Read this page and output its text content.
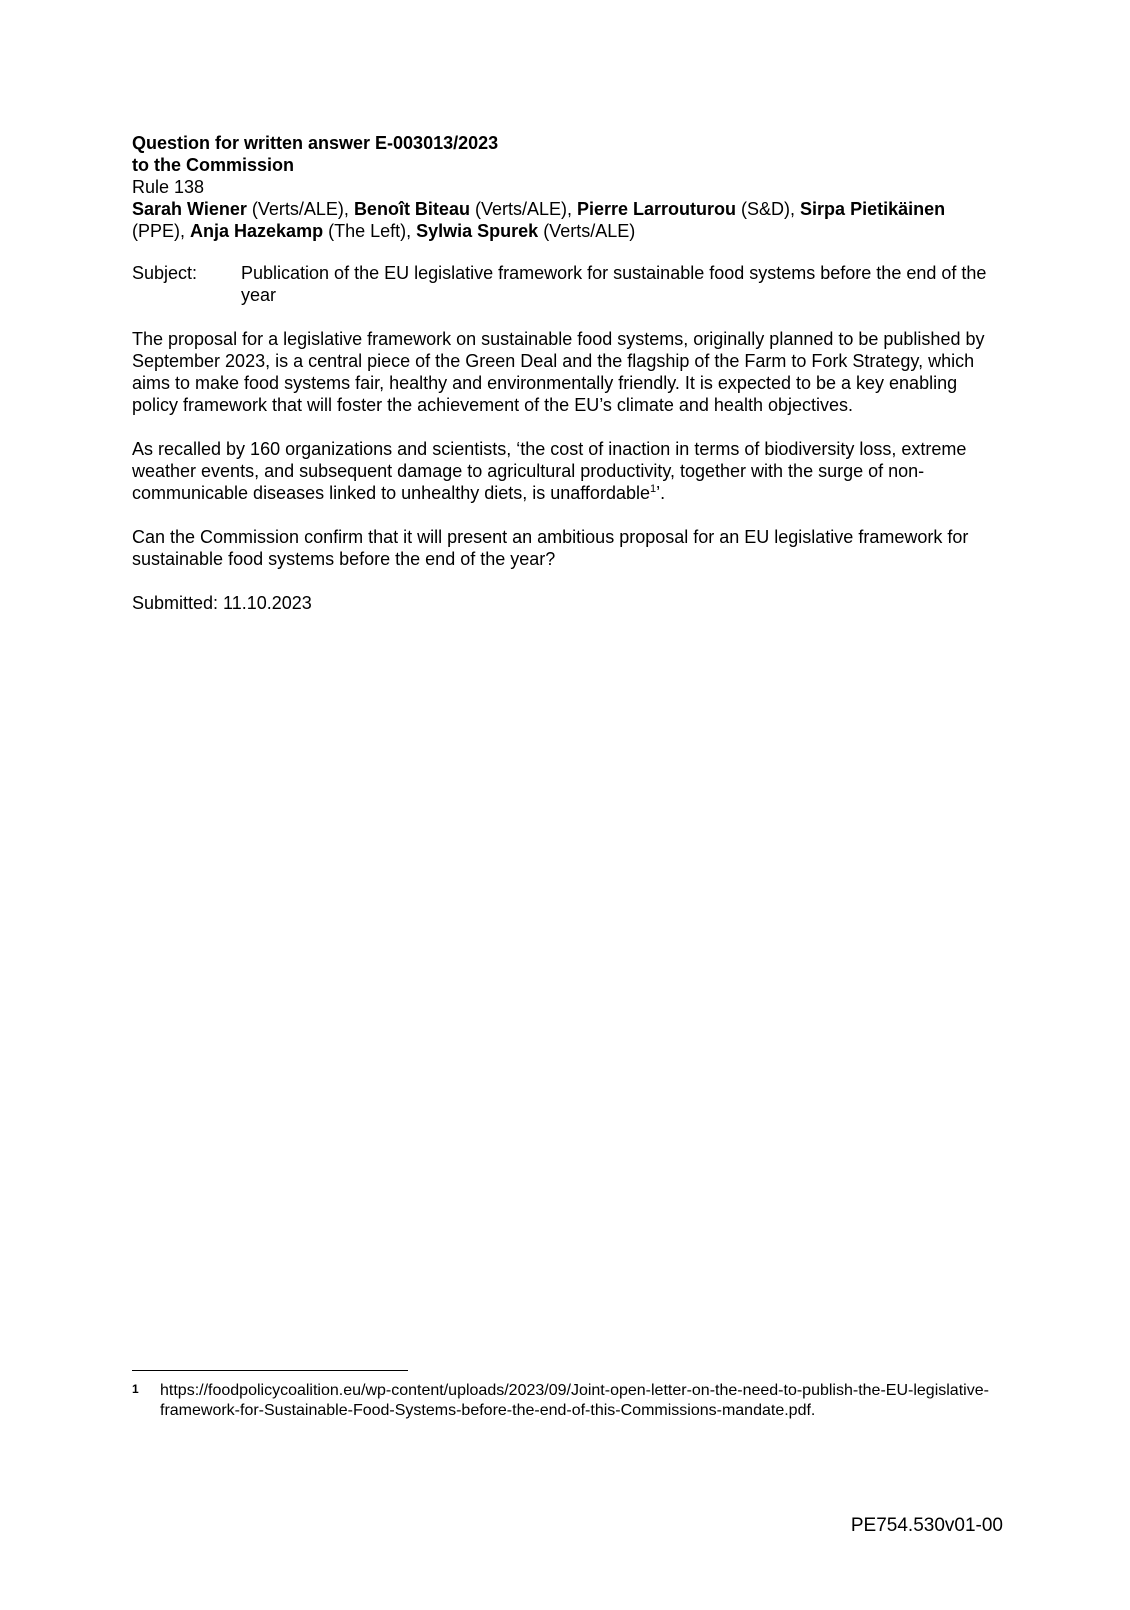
Question for written answer E-003013/2023
to the Commission
Rule 138

Sarah Wiener (Verts/ALE), Benoît Biteau (Verts/ALE), Pierre Larrouturou (S&D), Sirpa Pietikäinen (PPE), Anja Hazekamp (The Left), Sylwia Spurek (Verts/ALE)

Subject:	Publication of the EU legislative framework for sustainable food systems before the end of the year

The proposal for a legislative framework on sustainable food systems, originally planned to be published by September 2023, is a central piece of the Green Deal and the flagship of the Farm to Fork Strategy, which aims to make food systems fair, healthy and environmentally friendly. It is expected to be a key enabling policy framework that will foster the achievement of the EU’s climate and health objectives.

As recalled by 160 organizations and scientists, ‘the cost of inaction in terms of biodiversity loss, extreme weather events, and subsequent damage to agricultural productivity, together with the surge of non-communicable diseases linked to unhealthy diets, is unaffordable$^1$’.

Can the Commission confirm that it will present an ambitious proposal for an EU legislative framework for sustainable food systems before the end of the year?

Submitted: 11.10.2023

1	https://foodpolicycoalition.eu/wp-content/uploads/2023/09/Joint-open-letter-on-the-need-to-publish-the-EU-legislative-framework-for-Sustainable-Food-Systems-before-the-end-of-this-Commissions-mandate.pdf.
PE754.530v01-00
